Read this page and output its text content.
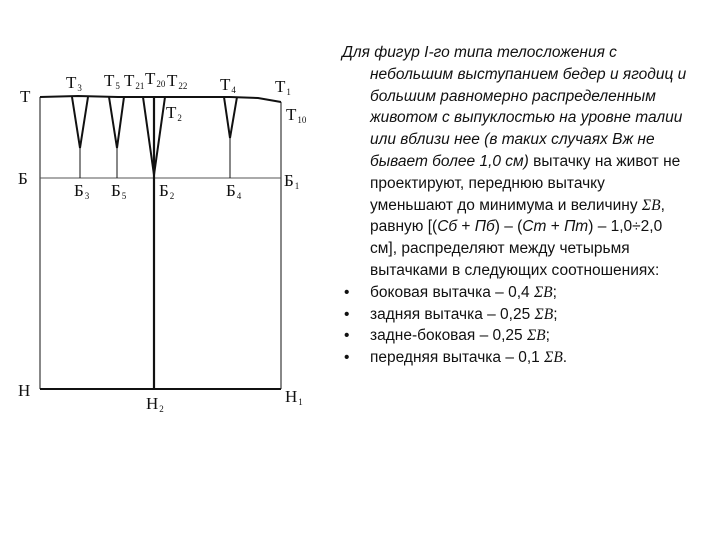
Т
$Т_3$ $Т_5$ $Т_{21}$ $Т_{20}$ $Т_{22}$ $Т_4$ $Т_1$
$Т_2$	$Т_{10}$
Б
$Б_3$ $Б_5$ $Б_2$	$Б_4$
$Б_1$
Н
$Н_2$
$Н_1$

Для фигур I-го типа телосложения с небольшим выступанием бедер и ягодиц и большим равномерно распределенным животом с выпуклостью на уровне талии или вблизи нее (в таких случаях Вж не бывает более 1,0 см) вытачку на живот не проектируют, переднюю вытачку уменьшают до минимума и величину ΣВ, равную [(Сб + Пб) – (Ст + Пт) – 1,0÷2,0 см], распределяют между четырьмя вытачками в следующих соотношениях:

• боковая вытачка – 0,4 ΣВ;
• задняя вытачка – 0,25 ΣВ;
• задне-боковая – 0,25 ΣВ;
• передняя вытачка – 0,1 ΣВ.
